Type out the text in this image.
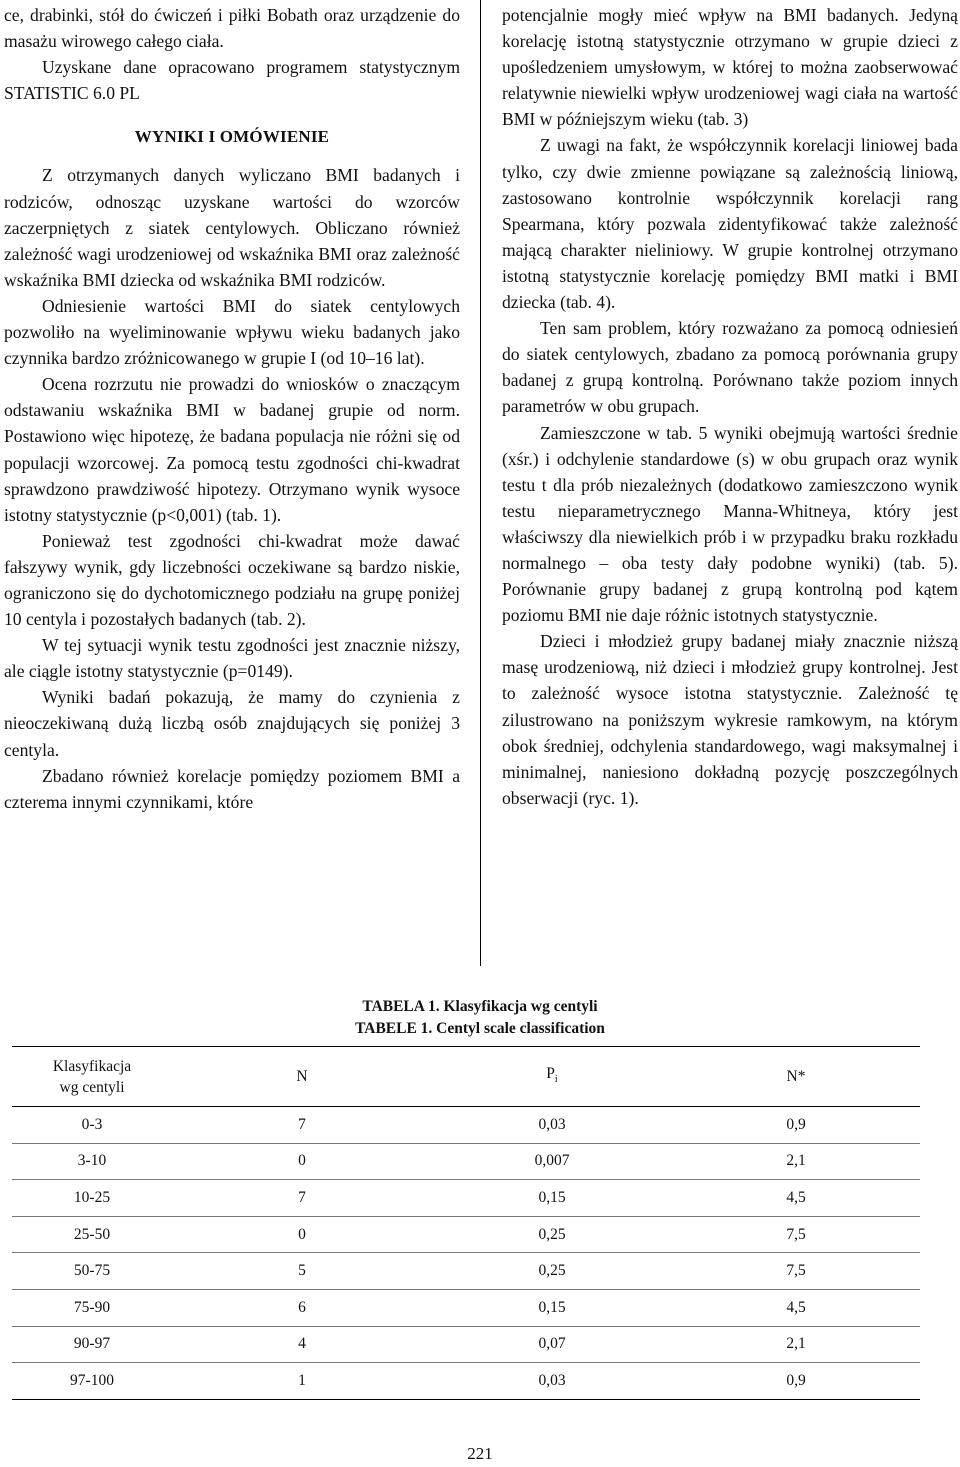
ce, drabinki, stół do ćwiczeń i piłki Bobath oraz urządzenie do masażu wirowego całego ciała.

Uzyskane dane opracowano programem statystycznym STATISTIC 6.0 PL

WYNIKI I OMÓWIENIE

Z otrzymanych danych wyliczano BMI badanych i rodziców, odnosząc uzyskane wartości do wzorców zaczerpniętych z siatek centylowych. Obliczano również zależność wagi urodzeniowej od wskaźnika BMI oraz zależność wskaźnika BMI dziecka od wskaźnika BMI rodziców.

Odniesienie wartości BMI do siatek centylowych pozwoliło na wyeliminowanie wpływu wieku badanych jako czynnika bardzo zróżnicowanego w grupie I (od 10–16 lat).

Ocena rozrzutu nie prowadzi do wniosków o znaczącym odstawaniu wskaźnika BMI w badanej grupie od norm. Postawiono więc hipotezę, że badana populacja nie różni się od populacji wzorcowej. Za pomocą testu zgodności chi-kwadrat sprawdzono prawdziwość hipotezy. Otrzymano wynik wysoce istotny statystycznie (p<0,001) (tab. 1).

Ponieważ test zgodności chi-kwadrat może dawać fałszywy wynik, gdy liczebności oczekiwane są bardzo niskie, ograniczono się do dychotomicznego podziału na grupę poniżej 10 centyla i pozostałych badanych (tab. 2).

W tej sytuacji wynik testu zgodności jest znacznie niższy, ale ciągle istotny statystycznie (p=0149).

Wyniki badań pokazują, że mamy do czynienia z nieoczekiwaną dużą liczbą osób znajdujących się poniżej 3 centyla.

Zbadano również korelacje pomiędzy poziomem BMI a czterema innymi czynnikami, które

potencjalnie mogły mieć wpływ na BMI badanych. Jedyną korelację istotną statystycznie otrzymano w grupie dzieci z upośledzeniem umysłowym, w której to można zaobserwować relatywnie niewielki wpływ urodzeniowej wagi ciała na wartość BMI w późniejszym wieku (tab. 3)

Z uwagi na fakt, że współczynnik korelacji liniowej bada tylko, czy dwie zmienne powiązane są zależnością liniową, zastosowano kontrolnie współczynnik korelacji rang Spearmana, który pozwala zidentyfikować także zależność mającą charakter nieliniowy. W grupie kontrolnej otrzymano istotną statystycznie korelację pomiędzy BMI matki i BMI dziecka (tab. 4).

Ten sam problem, który rozważano za pomocą odniesień do siatek centylowych, zbadano za pomocą porównania grupy badanej z grupą kontrolną. Porównano także poziom innych parametrów w obu grupach.

Zamieszczone w tab. 5 wyniki obejmują wartości średnie (xśr.) i odchylenie standardowe (s) w obu grupach oraz wynik testu t dla prób niezależnych (dodatkowo zamieszczono wynik testu nieparametrycznego Manna-Whitneya, który jest właściwszy dla niewielkich prób i w przypadku braku rozkładu normalnego – oba testy dały podobne wyniki) (tab. 5). Porównanie grupy badanej z grupą kontrolną pod kątem poziomu BMI nie daje różnic istotnych statystycznie.

Dzieci i młodzież grupy badanej miały znacznie niższą masę urodzeniową, niż dzieci i młodzież grupy kontrolnej. Jest to zależność wysoce istotna statystycznie. Zależność tę zilustrowano na poniższym wykresie ramkowym, na którym obok średniej, odchylenia standardowego, wagi maksymalnej i minimalnej, naniesiono dokładną pozycję poszczególnych obserwacji (ryc. 1).

TABELA 1. Klasyfikacja wg centyli
TABELE 1. Centyl scale classification
Klasyfikacja
wg centyli	N	$P_i$	N*
0-3	7	0,03	0,9
3-10	0	0,007	2,1
10-25	7	0,15	4,5
25-50	0	0,25	7,5
50-75	5	0,25	7,5
75-90	6	0,15	4,5
90-97	4	0,07	2,1
97-100	1	0,03	0,9
221
